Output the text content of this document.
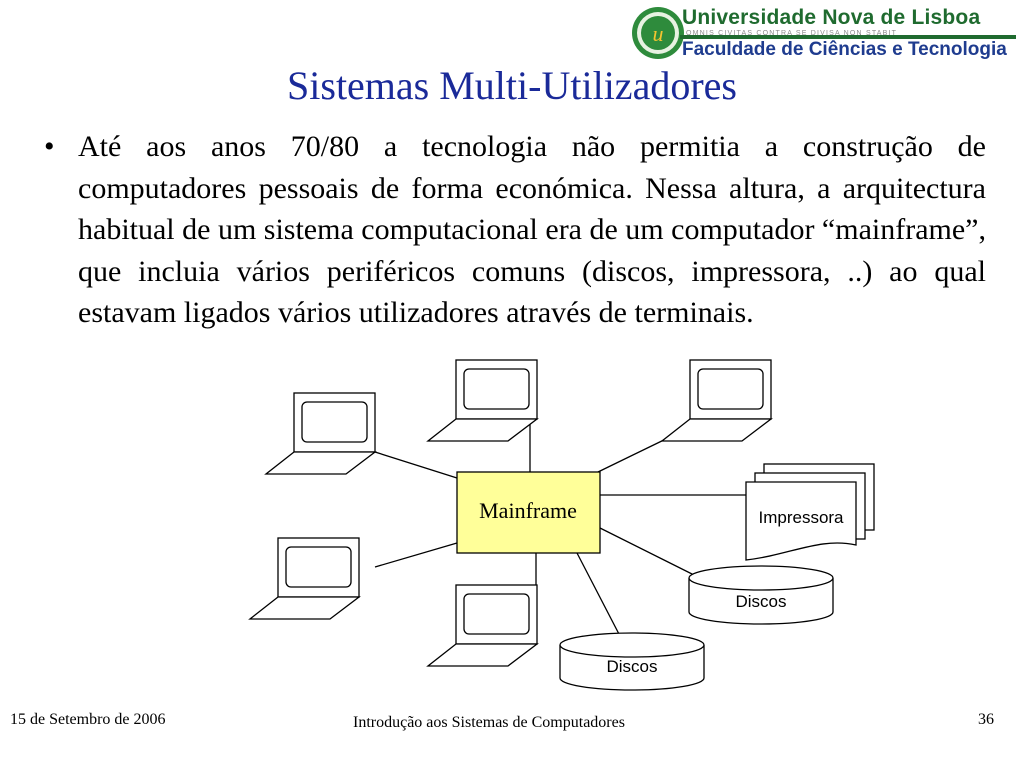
u
Universidade Nova de Lisboa
OMNIS CIVITAS CONTRA SE DIVISA NON STABIT
Faculdade de Ciências e Tecnologia
Sistemas Multi-Utilizadores
• Até aos anos 70/80 a tecnologia não permitia a construção de computadores pessoais de forma económica. Nessa altura, a arquitectura habitual de um sistema computacional era de um computador “mainframe”, que incluia vários periféricos comuns (discos, impressora, ..) ao qual estavam ligados vários utilizadores através de terminais.
Mainframe	Impressora
Discos
Discos
15 de Setembro de 2006	Introdução aos Sistemas de Computadores	36
